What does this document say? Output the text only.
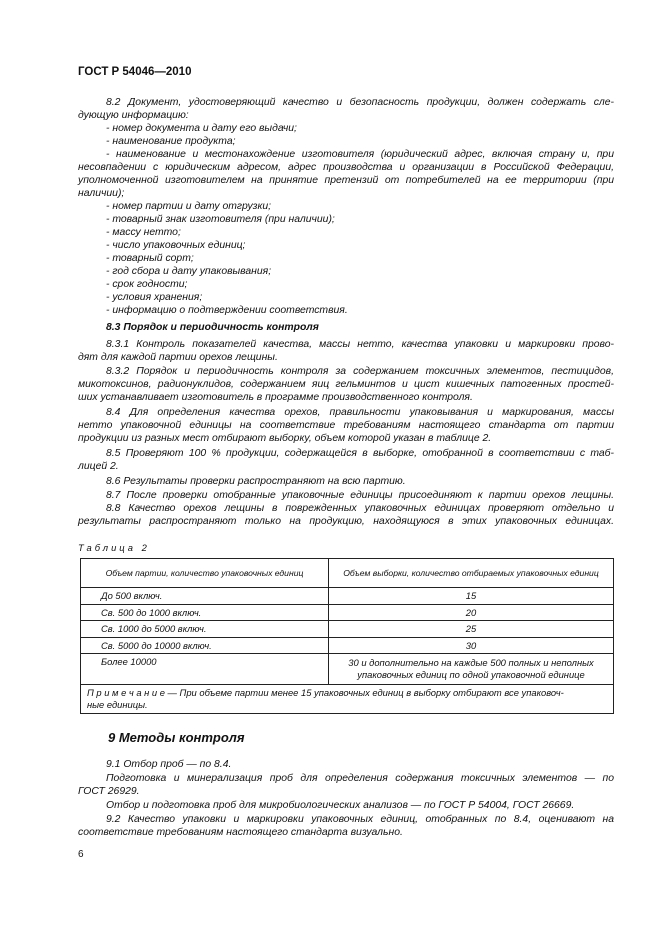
ГОСТ Р 54046—2010
8.2 Документ, удостоверяющий качество и безопасность продукции, должен содержать сле-
дующую информацию:
- номер документа и дату его выдачи;
- наименование продукта;
- наименование и местонахождение изготовителя (юридический адрес, включая страну и, при
несовпадении с юридическим адресом, адрес производства и организации в Российской Федерации,
уполномоченной изготовителем на принятие претензий от потребителей на ее территории (при
наличии);
- номер партии и дату отгрузки;
- товарный знак изготовителя (при наличии);
- массу нетто;
- число упаковочных единиц;
- товарный сорт;
- год сбора и дату упаковывания;
- срок годности;
- условия хранения;
- информацию о подтверждении соответствия.
8.3 Порядок и периодичность контроля
8.3.1 Контроль показателей качества, массы нетто, качества упаковки и маркировки прово-
дят для каждой партии орехов лещины.
8.3.2 Порядок и периодичность контроля за содержанием токсичных элементов, пестицидов,
микотоксинов, радионуклидов, содержанием яиц гельминтов и цист кишечных патогенных простей-
ших устанавливает изготовитель в программе производственного контроля.
8.4 Для определения качества орехов, правильности упаковывания и маркирования, массы
нетто упаковочной единицы на соответствие требованиям настоящего стандарта от партии
продукции из разных мест отбирают выборку, объем которой указан в таблице 2.
8.5 Проверяют 100 % продукции, содержащейся в выборке, отобранной в соответствии с таб-
лицей 2.
8.6 Результаты проверки распространяют на всю партию.
8.7 После проверки отобранные упаковочные единицы присоединяют к партии орехов лещины.
8.8 Качество орехов лещины в поврежденных упаковочных единицах проверяют отдельно и
результаты распространяют только на продукцию, находящуюся в этих упаковочных единицах.
Таблица 2
Объем партии, количество упаковочных единиц	Объем выборки, количество отбираемых упаковочных единиц
До 500 включ.	15
Св. 500 до 1000 включ.	20
Св. 1000 до 5000 включ.	25
Св. 5000 до 10000 включ.	30
Более 10000	30 и дополнительно на каждые 500 полных и неполных
упаковочных единиц по одной упаковочной единице

П р и м е ч а н и е — При объеме партии менее 15 упаковочных единиц в выборку отбирают все упаковоч-
ные единицы.	
9 Методы контроля
9.1 Отбор проб — по 8.4.
Подготовка и минерализация проб для определения содержания токсичных элементов — по
ГОСТ 26929.
Отбор и подготовка проб для микробиологических анализов — по ГОСТ Р 54004, ГОСТ 26669.
9.2 Качество упаковки и маркировки упаковочных единиц, отобранных по 8.4, оценивают на
соответствие требованиям настоящего стандарта визуально.
6
